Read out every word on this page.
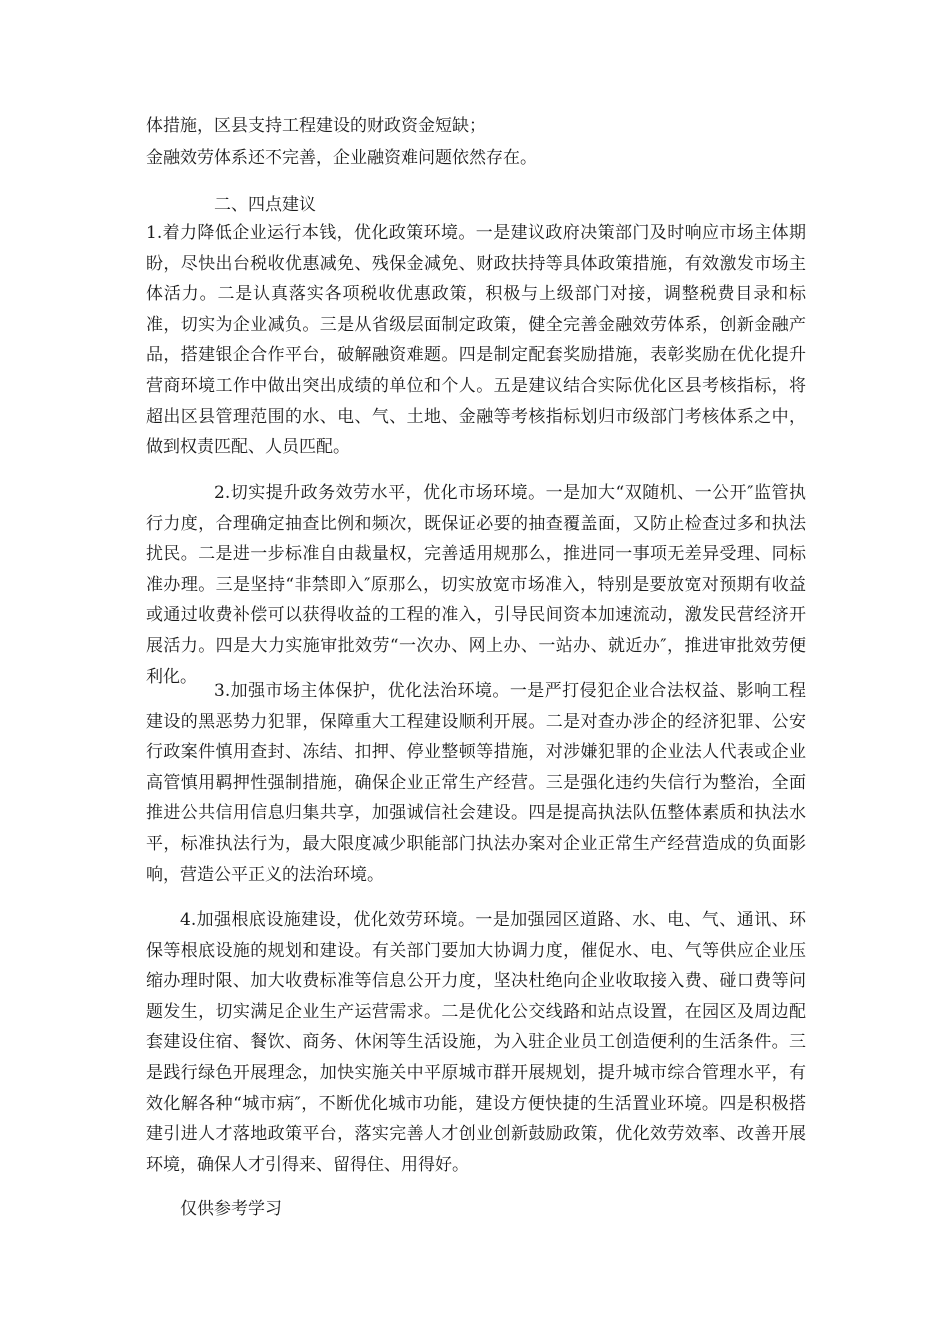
体措施，区县支持工程建设的财政资金短缺；

金融效劳体系还不完善，企业融资难问题依然存在。

二、四点建议

1.着力降低企业运行本钱，优化政策环境。一是建议政府决策部门及时响应市场主体期盼，尽快出台税收优惠减免、残保金减免、财政扶持等具体政策措施，有效激发市场主体活力。二是认真落实各项税收优惠政策，积极与上级部门对接，调整税费目录和标准，切实为企业减负。三是从省级层面制定政策，健全完善金融效劳体系，创新金融产品，搭建银企合作平台，破解融资难题。四是制定配套奖励措施，表彰奖励在优化提升营商环境工作中做出突出成绩的单位和个人。五是建议结合实际优化区县考核指标，将超出区县管理范围的水、电、气、土地、金融等考核指标划归市级部门考核体系之中，做到权责匹配、人员匹配。

2.切实提升政务效劳水平，优化市场环境。一是加大“双随机、一公开″监管执行力度，合理确定抽查比例和频次，既保证必要的抽查覆盖面，又防止检查过多和执法扰民。二是进一步标准自由裁量权，完善适用规那么，推进同一事项无差异受理、同标准办理。三是坚持“非禁即入″原那么，切实放宽市场准入，特别是要放宽对预期有收益或通过收费补偿可以获得收益的工程的准入，引导民间资本加速流动，激发民营经济开展活力。四是大力实施审批效劳“一次办、网上办、一站办、就近办″，推进审批效劳便利化。

3.加强市场主体保护，优化法治环境。一是严打侵犯企业合法权益、影响工程建设的黑恶势力犯罪，保障重大工程建设顺利开展。二是对查办涉企的经济犯罪、公安行政案件慎用查封、冻结、扣押、停业整顿等措施，对涉嫌犯罪的企业法人代表或企业高管慎用羁押性强制措施，确保企业正常生产经营。三是强化违约失信行为整治，全面推进公共信用信息归集共享，加强诚信社会建设。四是提高执法队伍整体素质和执法水平，标准执法行为，最大限度减少职能部门执法办案对企业正常生产经营造成的负面影响，营造公平正义的法治环境。

4.加强根底设施建设，优化效劳环境。一是加强园区道路、水、电、气、通讯、环保等根底设施的规划和建设。有关部门要加大协调力度，催促水、电、气等供应企业压缩办理时限、加大收费标准等信息公开力度，坚决杜绝向企业收取接入费、碰口费等问题发生，切实满足企业生产运营需求。二是优化公交线路和站点设置，在园区及周边配套建设住宿、餐饮、商务、休闲等生活设施，为入驻企业员工创造便利的生活条件。三是践行绿色开展理念，加快实施关中平原城市群开展规划，提升城市综合管理水平，有效化解各种“城市病″，不断优化城市功能，建设方便快捷的生活置业环境。四是积极搭建引进人才落地政策平台，落实完善人才创业创新鼓励政策，优化效劳效率、改善开展环境，确保人才引得来、留得住、用得好。

仅供参考学习
